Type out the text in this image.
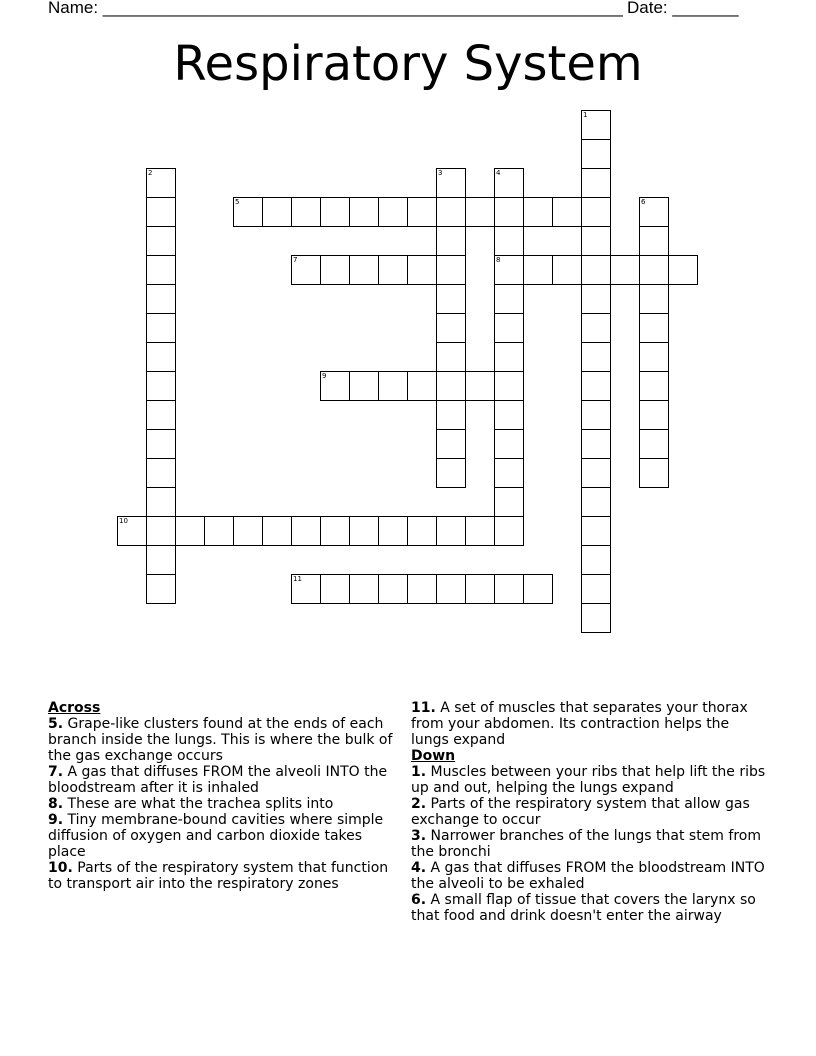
Name: _______________________________________________________ Date: _______
Respiratory System
1
2	3	4
8
5	6
7
9
10
11
Across
5. Grape-like clusters found at the ends of each branch inside the lungs. This is where the bulk of the gas exchange occurs
7. A gas that diffuses FROM the alveoli INTO the bloodstream after it is inhaled
8. These are what the trachea splits into
9. Tiny membrane-bound cavities where simple diffusion of oxygen and carbon dioxide takes place
10. Parts of the respiratory system that function to transport air into the respiratory zones
11. A set of muscles that separates your thorax from your abdomen. Its contraction helps the lungs expand
Down
1. Muscles between your ribs that help lift the ribs up and out, helping the lungs expand
2. Parts of the respiratory system that allow gas exchange to occur
3. Narrower branches of the lungs that stem from the bronchi
4. A gas that diffuses FROM the bloodstream INTO the alveoli to be exhaled
6. A small flap of tissue that covers the larynx so that food and drink doesn't enter the airway
